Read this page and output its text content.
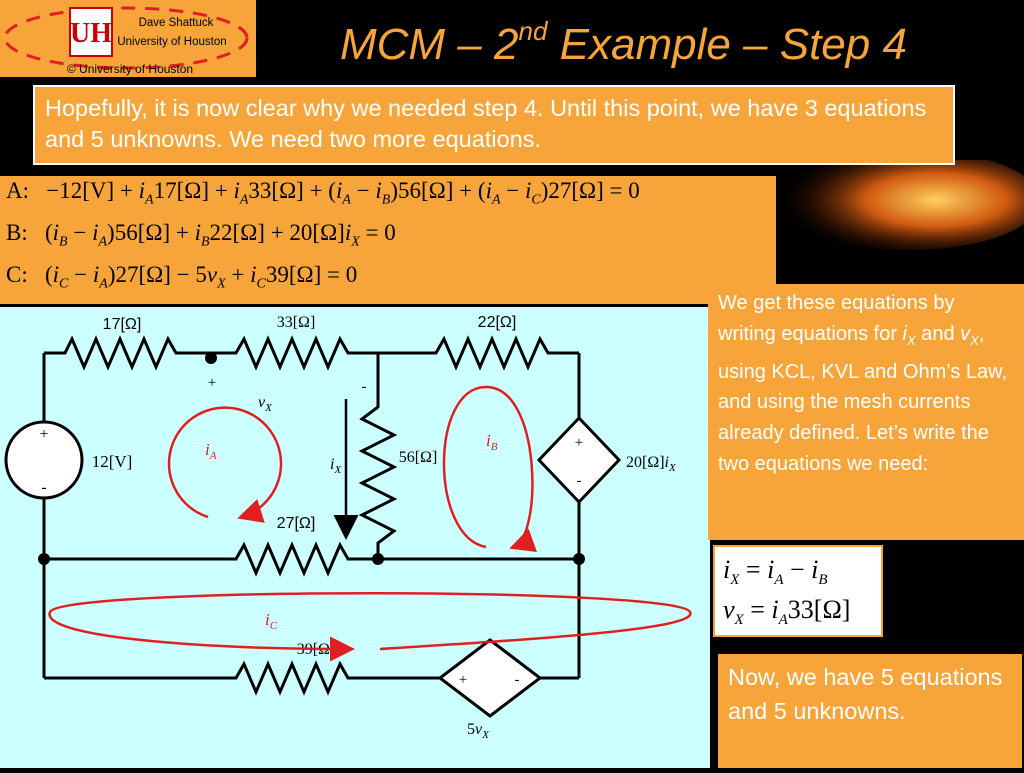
UH Dave Shattuck
University of Houston
© University of Houston	MCM – 2nd Example – Step 4
Hopefully, it is now clear why we needed step 4. Until this point, we have 3 equations and 5 unknowns. We need two more equations.
A:   $-12[V] + i_A17[\Omega] + i_A33[\Omega] + (i_A - i_B)56[\Omega] + (i_A - i_C)27[\Omega] = 0$
B:   $(i_B - i_A)56[\Omega] + i_B22[\Omega] + 20[\Omega]i_X = 0$
C:   $(i_C - i_A)27[\Omega] - 5v_X + i_C39[\Omega] = 0$
+
-
12[V]
+
-
$20[\Omega]i_X$
+	-
$5v_X$
17[Ω]	33[Ω]	22[Ω]
56[Ω]
27[Ω]
39[Ω]
+	-
$v_X$
$i_X$
$i_A$
$i_B$
$i_C$
We get these equations by writing equations for $i_X$ and $v_X$, using KCL, KVL and Ohm’s Law, and using the mesh currents already defined. Let’s write the two equations we need:
$i_X = i_A - i_B$
$v_X = i_A33[\Omega]$
Now, we have 5 equations and 5 unknowns.
